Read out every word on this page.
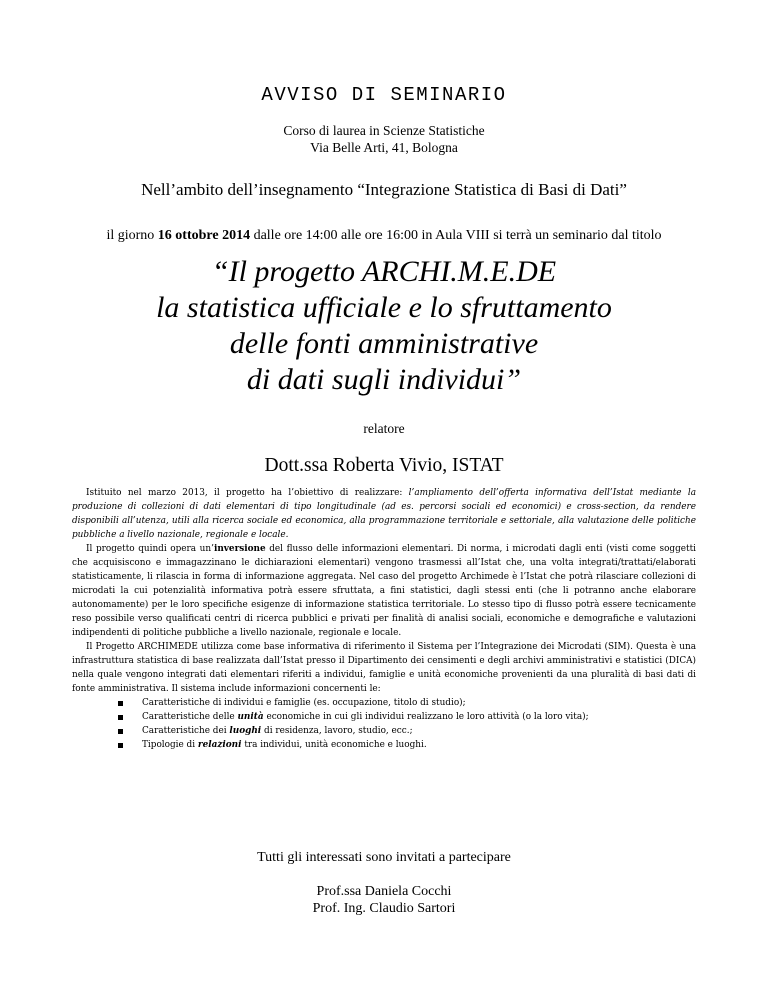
AVVISO DI SEMINARIO
Corso di laurea in Scienze Statistiche
Via Belle Arti, 41, Bologna
Nell’ambito dell’insegnamento “Integrazione Statistica di Basi di Dati”
il giorno 16 ottobre 2014 dalle ore 14:00 alle ore 16:00 in Aula VIII si terrà un seminario dal titolo
“Il progetto ARCHI.M.E.DE
la statistica ufficiale e lo sfruttamento
delle fonti amministrative
di dati sugli individui”
relatore
Dott.ssa Roberta Vivio, ISTAT

Istituito nel marzo 2013, il progetto ha l’obiettivo di realizzare: l’ampliamento dell’offerta informativa dell’Istat mediante la produzione di collezioni di dati elementari di tipo longitudinale (ad es. percorsi sociali ed economici) e cross-section, da rendere disponibili all’utenza, utili alla ricerca sociale ed economica, alla programmazione territoriale e settoriale, alla valutazione delle politiche pubbliche a livello nazionale, regionale e locale.

Il progetto quindi opera un’inversione del flusso delle informazioni elementari. Di norma, i microdati dagli enti (visti come soggetti che acquisiscono e immagazzinano le dichiarazioni elementari) vengono trasmessi all’Istat che, una volta integrati/trattati/elaborati statisticamente, li rilascia in forma di informazione aggregata. Nel caso del progetto Archimede è l’Istat che potrà rilasciare collezioni di microdati la cui potenzialità informativa potrà essere sfruttata, a fini statistici, dagli stessi enti (che li potranno anche elaborare autonomamente) per le loro specifiche esigenze di informazione statistica territoriale. Lo stesso tipo di flusso potrà essere tecnicamente reso possibile verso qualificati centri di ricerca pubblici e privati per finalità di analisi sociali, economiche e demografiche e valutazioni indipendenti di politiche pubbliche a livello nazionale, regionale e locale.

Il Progetto ARCHIMEDE utilizza come base informativa di riferimento il Sistema per l’Integrazione dei Microdati (SIM). Questa è una infrastruttura statistica di base realizzata dall’Istat presso il Dipartimento dei censimenti e degli archivi amministrativi e statistici (DICA) nella quale vengono integrati dati elementari riferiti a individui, famiglie e unità economiche provenienti da una pluralità di basi dati di fonte amministrativa. Il sistema include informazioni concernenti le:

Caratteristiche di individui e famiglie (es. occupazione, titolo di studio);
Caratteristiche delle unità economiche in cui gli individui realizzano le loro attività (o la loro vita);
Caratteristiche dei luoghi di residenza, lavoro, studio, ecc.;
Tipologie di relazioni tra individui, unità economiche e luoghi.
Tutti gli interessati sono invitati a partecipare
Prof.ssa Daniela Cocchi
Prof. Ing. Claudio Sartori
